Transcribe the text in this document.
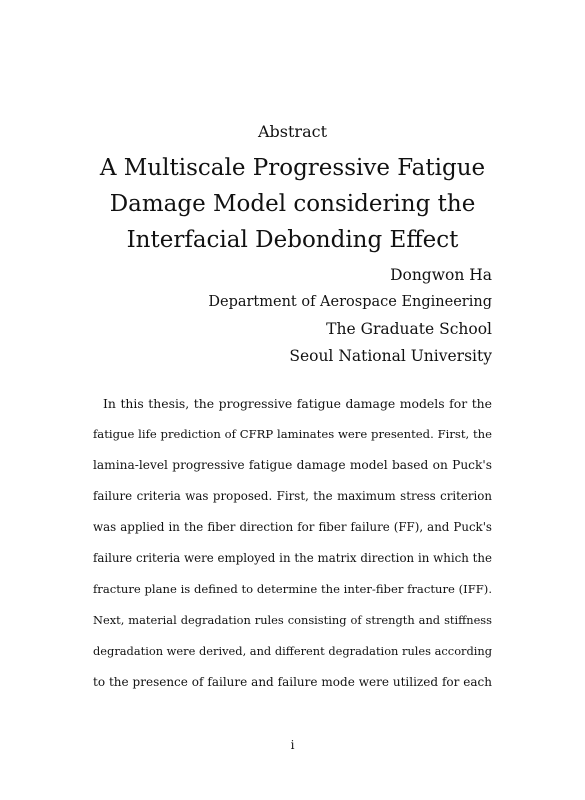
Abstract
A Multiscale Progressive Fatigue
Damage Model considering the
Interfacial Debonding Effect
Dongwon Ha
Department of Aerospace Engineering
The Graduate School
Seoul National University
In this thesis, the progressive fatigue damage models for the
fatigue life prediction of CFRP laminates were presented. First, the
lamina-level progressive fatigue damage model based on Puck's
failure criteria was proposed. First, the maximum stress criterion
was applied in the fiber direction for fiber failure (FF), and Puck's
failure criteria were employed in the matrix direction in which the
fracture plane is defined to determine the inter-fiber fracture (IFF).
Next, material degradation rules consisting of strength and stiffness
degradation were derived, and different degradation rules according
to the presence of failure and failure mode were utilized for each
i
